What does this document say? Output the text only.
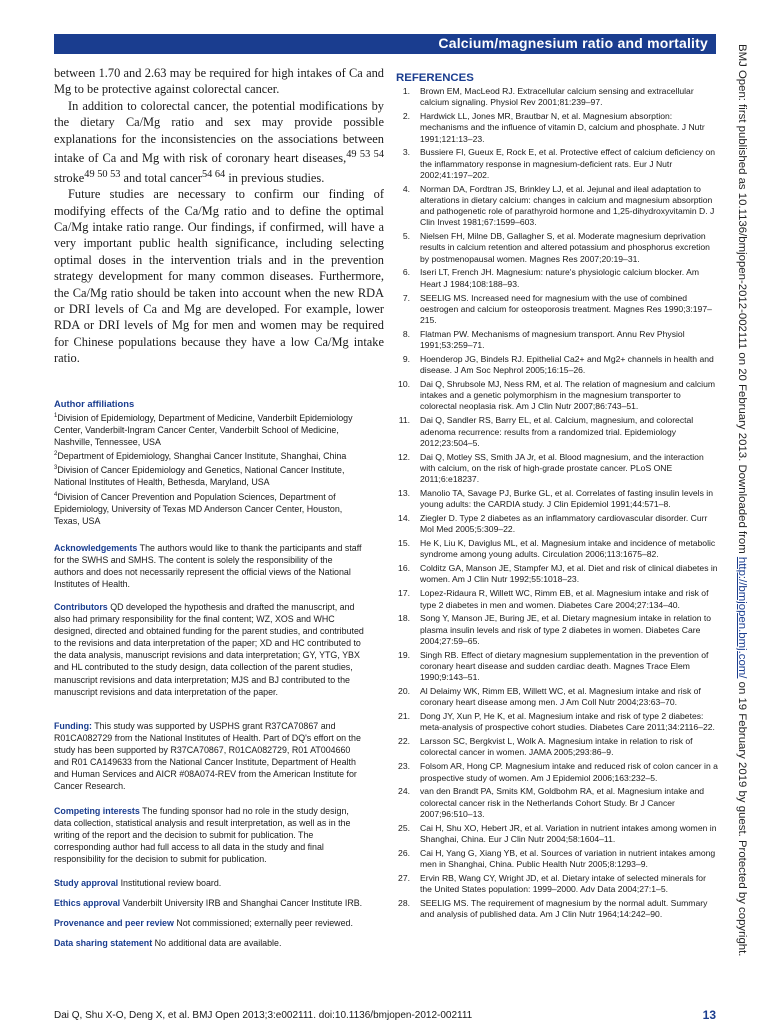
Calcium/magnesium ratio and mortality
BMJ Open: first published as 10.1136/bmjopen-2012-002111 on 20 February 2013. Downloaded from http://bmjopen.bmj.com/ on 19 February 2019 by guest. Protected by copyright.

between 1.70 and 2.63 may be required for high intakes of Ca and Mg to be protective against colorectal cancer.

In addition to colorectal cancer, the potential modifications by the dietary Ca/Mg ratio and sex may provide possible explanations for the inconsistencies on the associations between intake of Ca and Mg with risk of coronary heart diseases,$^{49 53 54}$ stroke$^{49 50 53}$ and total cancer$^{54 64}$ in previous studies.

Future studies are necessary to confirm our finding of modifying effects of the Ca/Mg ratio and to define the optimal Ca/Mg intake ratio range. Our findings, if confirmed, will have a very important public health significance, including selecting optimal doses in the intervention trials and in the prevention strategy development for many common diseases. Furthermore, the Ca/Mg ratio should be taken into account when the new RDA or DRI levels of Ca and Mg are developed. For example, lower RDA or DRI levels of Mg for men and women may be required for Chinese populations because they have a low Ca/Mg intake ratio.

Author affiliations

$^1$Division of Epidemiology, Department of Medicine, Vanderbilt Epidemiology Center, Vanderbilt-Ingram Cancer Center, Vanderbilt School of Medicine, Nashville, Tennessee, USA

$^2$Department of Epidemiology, Shanghai Cancer Institute, Shanghai, China

$^3$Division of Cancer Epidemiology and Genetics, National Cancer Institute, National Institutes of Health, Bethesda, Maryland, USA

$^4$Division of Cancer Prevention and Population Sciences, Department of Epidemiology, University of Texas MD Anderson Cancer Center, Houston, Texas, USA

Acknowledgements The authors would like to thank the participants and staff for the SWHS and SMHS. The content is solely the responsibility of the authors and does not necessarily represent the official views of the National Institutes of Health.
Contributors QD developed the hypothesis and drafted the manuscript, and also had primary responsibility for the final content; WZ, XOS and WHC designed, directed and obtained funding for the parent studies, and contributed to the revisions and data interpretation of the paper; XD and HC contributed to the data analysis, manuscript revisions and data interpretation; GY, YTG, YBX and HL contributed to the study design, data collection of the parent studies, manuscript revisions and data interpretation; MJS and BJ contributed to the manuscript revisions and data interpretation of the paper.
Funding: This study was supported by USPHS grant R37CA70867 and R01CA082729 from the National Institutes of Health. Part of DQ's effort on the study has been supported by R37CA70867, R01CA082729, R01 AT004660 and R01 CA149633 from the National Cancer Institute, Department of Health and Human Services and AICR #08A074-REV from the American Institute for Cancer Research.
Competing interests The funding sponsor had no role in the study design, data collection, statistical analysis and result interpretation, as well as in the writing of the report and the decision to submit for publication. The corresponding author had full access to all data in the study and final responsibility for the decision to submit for publication.
Study approval Institutional review board.
Ethics approval Vanderbilt University IRB and Shanghai Cancer Institute IRB.
Provenance and peer review Not commissioned; externally peer reviewed.
Data sharing statement No additional data are available.
REFERENCES
1. Brown EM, MacLeod RJ. Extracellular calcium sensing and extracellular calcium signaling. Physiol Rev 2001;81:239–97.
2. Hardwick LL, Jones MR, Brautbar N, et al. Magnesium absorption: mechanisms and the influence of vitamin D, calcium and phosphate. J Nutr 1991;121:13–23.
3. Bussiere FI, Gueux E, Rock E, et al. Protective effect of calcium deficiency on the inflammatory response in magnesium-deficient rats. Eur J Nutr 2002;41:197–202.
4. Norman DA, Fordtran JS, Brinkley LJ, et al. Jejunal and ileal adaptation to alterations in dietary calcium: changes in calcium and magnesium absorption and pathogenetic role of parathyroid hormone and 1,25-dihydroxyvitamin D. J Clin Invest 1981;67:1599–603.
5. Nielsen FH, Milne DB, Gallagher S, et al. Moderate magnesium deprivation results in calcium retention and altered potassium and phosphorus excretion by postmenopausal women. Magnes Res 2007;20:19–31.
6. Iseri LT, French JH. Magnesium: nature's physiologic calcium blocker. Am Heart J 1984;108:188–93.
7. SEELIG MS. Increased need for magnesium with the use of combined oestrogen and calcium for osteoporosis treatment. Magnes Res 1990;3:197–215.
8. Flatman PW. Mechanisms of magnesium transport. Annu Rev Physiol 1991;53:259–71.
9. Hoenderop JG, Bindels RJ. Epithelial Ca2+ and Mg2+ channels in health and disease. J Am Soc Nephrol 2005;16:15–26.
10. Dai Q, Shrubsole MJ, Ness RM, et al. The relation of magnesium and calcium intakes and a genetic polymorphism in the magnesium transporter to colorectal neoplasia risk. Am J Clin Nutr 2007;86:743–51.
11. Dai Q, Sandler RS, Barry EL, et al. Calcium, magnesium, and colorectal adenoma recurrence: results from a randomized trial. Epidemiology 2012;23:504–5.
12. Dai Q, Motley SS, Smith JA Jr, et al. Blood magnesium, and the interaction with calcium, on the risk of high-grade prostate cancer. PLoS ONE 2011;6:e18237.
13. Manolio TA, Savage PJ, Burke GL, et al. Correlates of fasting insulin levels in young adults: the CARDIA study. J Clin Epidemiol 1991;44:571–8.
14. Ziegler D. Type 2 diabetes as an inflammatory cardiovascular disorder. Curr Mol Med 2005;5:309–22.
15. He K, Liu K, Daviglus ML, et al. Magnesium intake and incidence of metabolic syndrome among young adults. Circulation 2006;113:1675–82.
16. Colditz GA, Manson JE, Stampfer MJ, et al. Diet and risk of clinical diabetes in women. Am J Clin Nutr 1992;55:1018–23.
17. Lopez-Ridaura R, Willett WC, Rimm EB, et al. Magnesium intake and risk of type 2 diabetes in men and women. Diabetes Care 2004;27:134–40.
18. Song Y, Manson JE, Buring JE, et al. Dietary magnesium intake in relation to plasma insulin levels and risk of type 2 diabetes in women. Diabetes Care 2004;27:59–65.
19. Singh RB. Effect of dietary magnesium supplementation in the prevention of coronary heart disease and sudden cardiac death. Magnes Trace Elem 1990;9:143–51.
20. Al Delaimy WK, Rimm EB, Willett WC, et al. Magnesium intake and risk of coronary heart disease among men. J Am Coll Nutr 2004;23:63–70.
21. Dong JY, Xun P, He K, et al. Magnesium intake and risk of type 2 diabetes: meta-analysis of prospective cohort studies. Diabetes Care 2011;34:2116–22.
22. Larsson SC, Bergkvist L, Wolk A. Magnesium intake in relation to risk of colorectal cancer in women. JAMA 2005;293:86–9.
23. Folsom AR, Hong CP. Magnesium intake and reduced risk of colon cancer in a prospective study of women. Am J Epidemiol 2006;163:232–5.
24. van den Brandt PA, Smits KM, Goldbohm RA, et al. Magnesium intake and colorectal cancer risk in the Netherlands Cohort Study. Br J Cancer 2007;96:510–13.
25. Cai H, Shu XO, Hebert JR, et al. Variation in nutrient intakes among women in Shanghai, China. Eur J Clin Nutr 2004;58:1604–11.
26. Cai H, Yang G, Xiang YB, et al. Sources of variation in nutrient intakes among men in Shanghai, China. Public Health Nutr 2005;8:1293–9.
27. Ervin RB, Wang CY, Wright JD, et al. Dietary intake of selected minerals for the United States population: 1999–2000. Adv Data 2004;27:1–5.
28. SEELIG MS. The requirement of magnesium by the normal adult. Summary and analysis of published data. Am J Clin Nutr 1964;14:242–90.
Dai Q, Shu X-O, Deng X, et al. BMJ Open 2013;3:e002111. doi:10.1136/bmjopen-2012-002111	13
